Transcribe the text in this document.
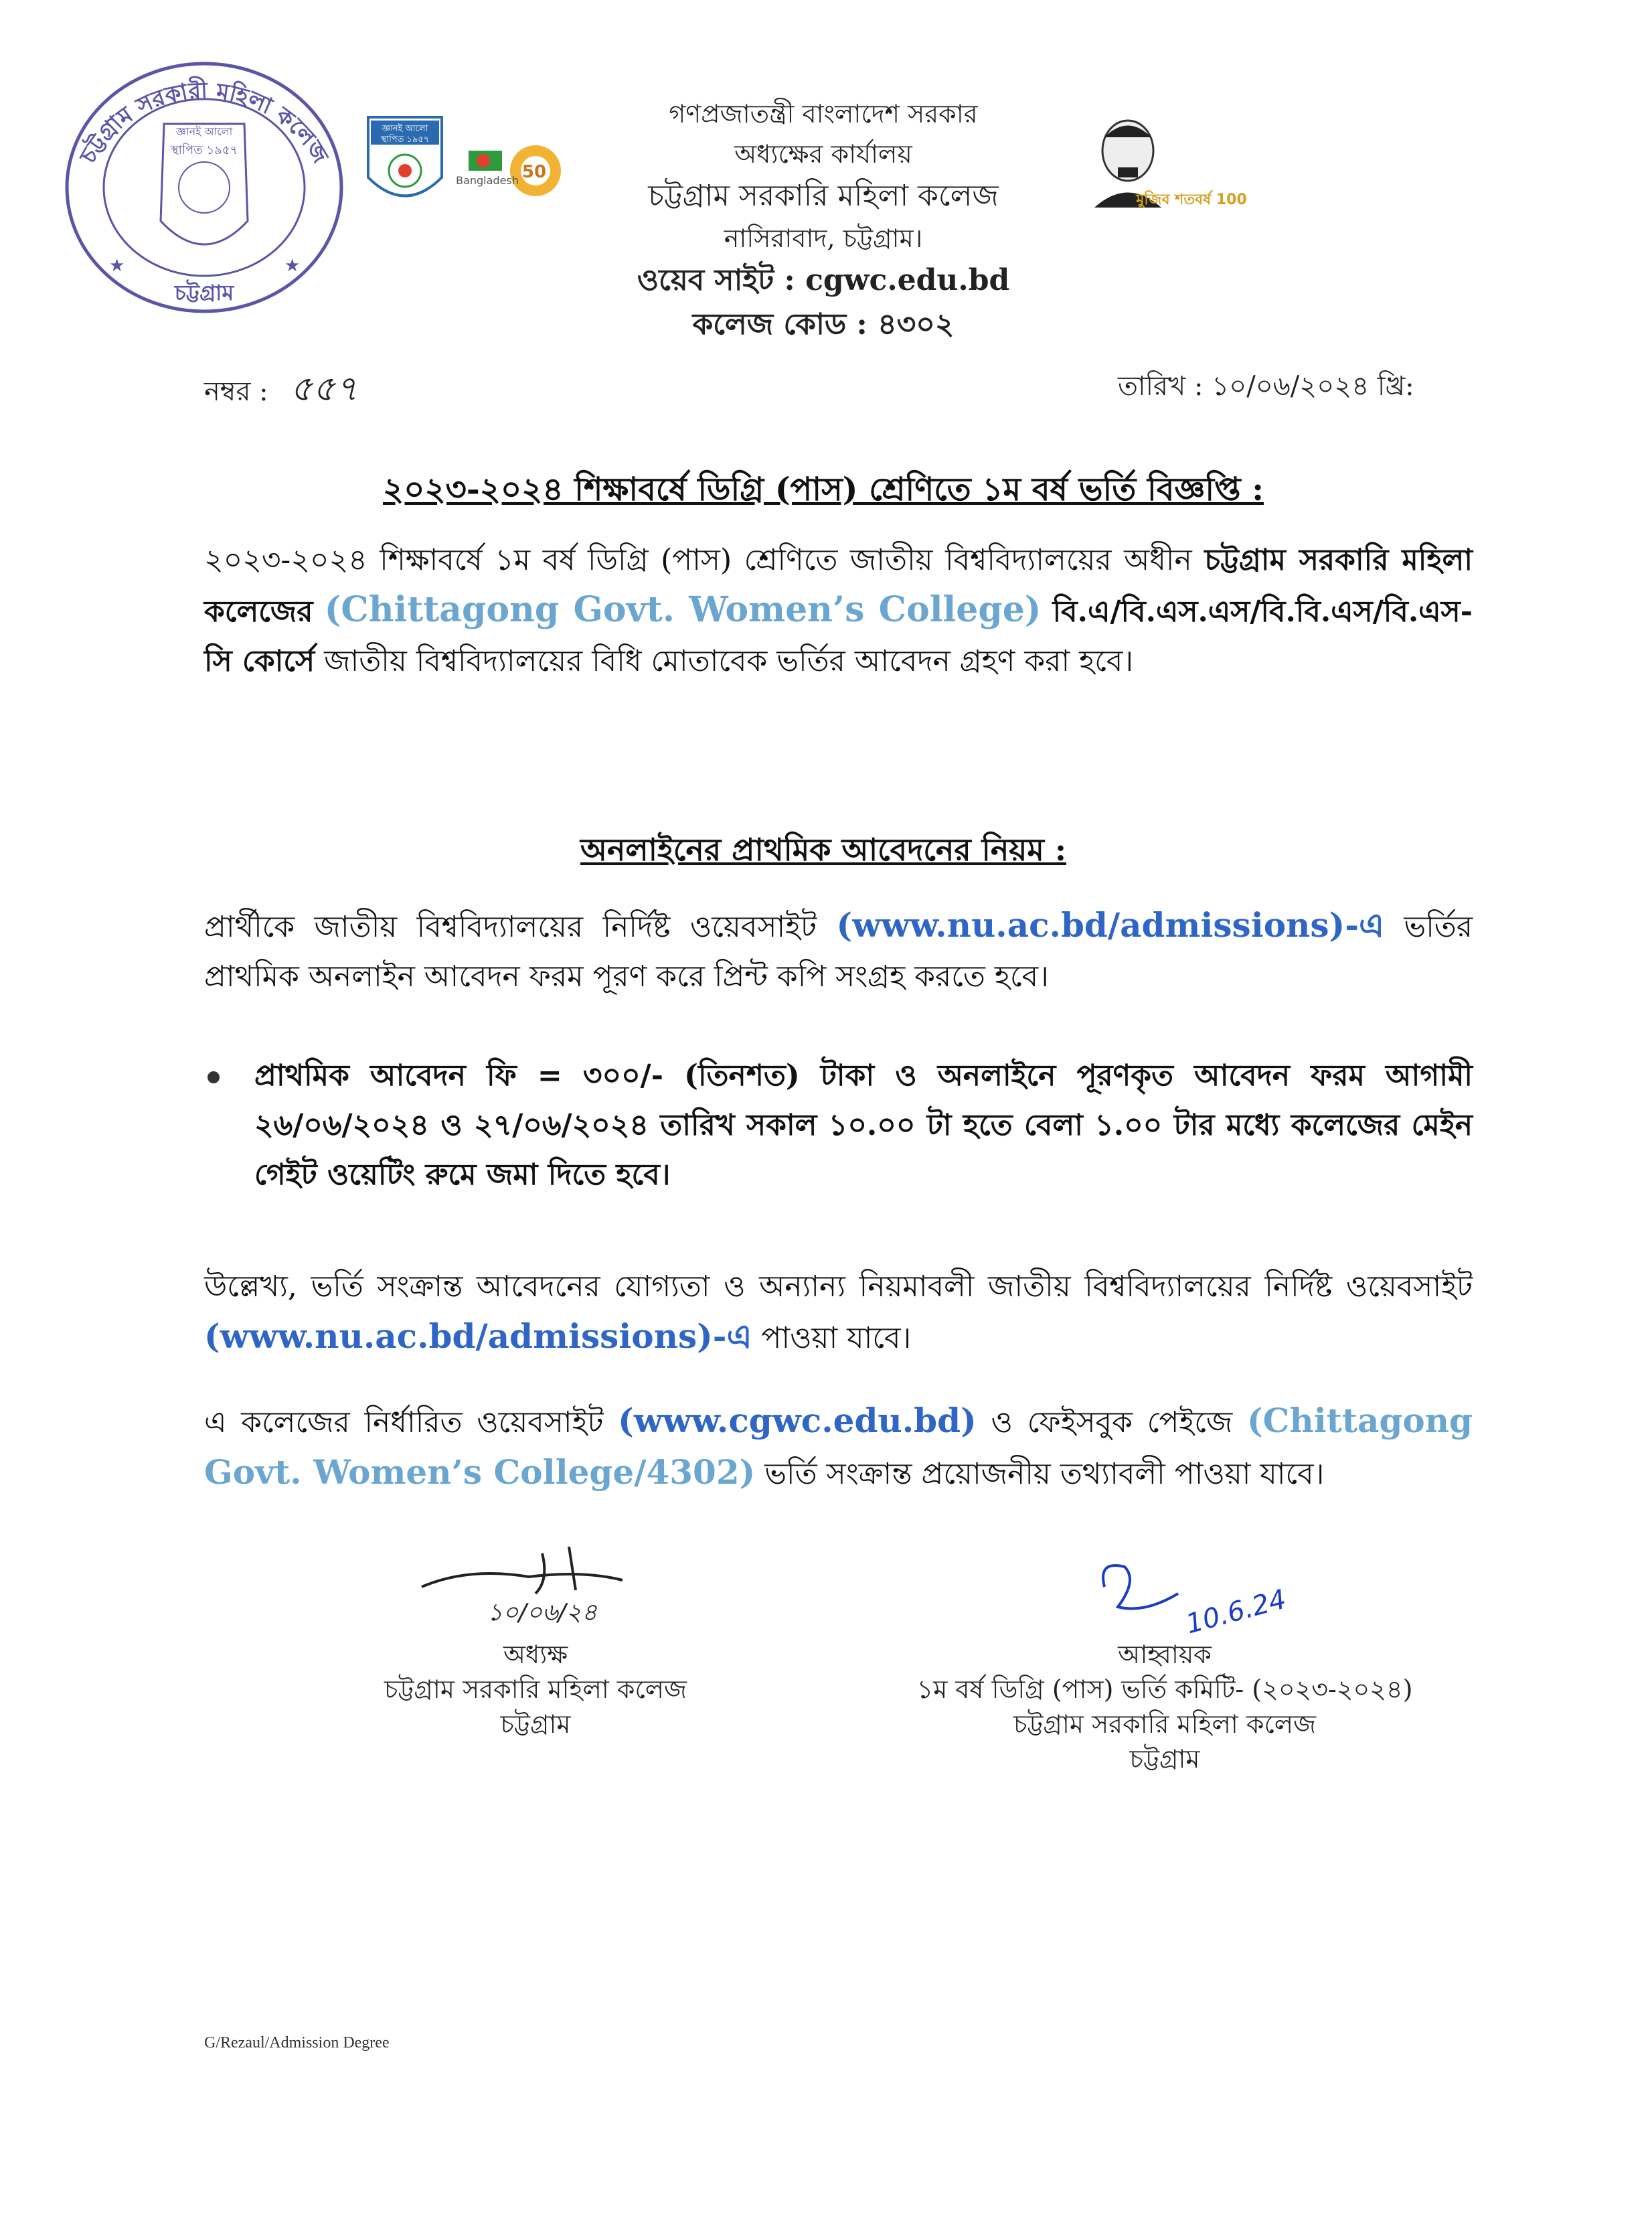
স্থাপিত ১৯৫৭
জ্ঞানই আলো
চট্টগ্রাম সরকারী মহিলা কলেজ
চট্টগ্রাম
★	★
জ্ঞানই আলো
স্থাপিত ১৯৫৭
50
Bangladesh
মুজিব শতবর্ষ 100
গণপ্রজাতন্ত্রী বাংলাদেশ সরকার
অধ্যক্ষের কার্যালয়
চট্টগ্রাম সরকারি মহিলা কলেজ
নাসিরাবাদ, চট্টগ্রাম।
ওয়েব সাইট : cgwc.edu.bd
কলেজ কোড : ৪৩০২
নম্বর : ৫৫৭	তারিখ : ১০/০৬/২০২৪ খ্রি:
২০২৩-২০২৪ শিক্ষাবর্ষে ডিগ্রি (পাস) শ্রেণিতে ১ম বর্ষ ভর্তি বিজ্ঞপ্তি :
২০২৩-২০২৪ শিক্ষাবর্ষে ১ম বর্ষ ডিগ্রি (পাস) শ্রেণিতে জাতীয় বিশ্ববিদ্যালয়ের অধীন চট্টগ্রাম সরকারি মহিলা কলেজের (Chittagong Govt. Women’s College) বি.এ/বি.এস.এস/বি.বি.এস/বি.এস-সি কোর্সে জাতীয় বিশ্ববিদ্যালয়ের বিধি মোতাবেক ভর্তির আবেদন গ্রহণ করা হবে।
অনলাইনের প্রাথমিক আবেদনের নিয়ম :
প্রার্থীকে জাতীয় বিশ্ববিদ্যালয়ের নির্দিষ্ট ওয়েবসাইট (www.nu.ac.bd/admissions)-এ ভর্তির প্রাথমিক অনলাইন আবেদন ফরম পূরণ করে প্রিন্ট কপি সংগ্রহ করতে হবে।
প্রাথমিক আবেদন ফি = ৩০০/- (তিনশত) টাকা ও অনলাইনে পূরণকৃত আবেদন ফরম আগামী ২৬/০৬/২০২৪ ও ২৭/০৬/২০২৪ তারিখ সকাল ১০.০০ টা হতে বেলা ১.০০ টার মধ্যে কলেজের মেইন গেইট ওয়েটিং রুমে জমা দিতে হবে।
উল্লেখ্য, ভর্তি সংক্রান্ত আবেদনের যোগ্যতা ও অন্যান্য নিয়মাবলী জাতীয় বিশ্ববিদ্যালয়ের নির্দিষ্ট ওয়েবসাইট (www.nu.ac.bd/admissions)-এ পাওয়া যাবে।
এ কলেজের নির্ধারিত ওয়েবসাইট (www.cgwc.edu.bd) ও ফেইসবুক পেইজে (Chittagong Govt. Women’s College/4302) ভর্তি সংক্রান্ত প্রয়োজনীয় তথ্যাবলী পাওয়া যাবে।
১০/০৬/২৪
অধ্যক্ষ
চট্টগ্রাম সরকারি মহিলা কলেজ
চট্টগ্রাম
10.6.24
আহ্বায়ক
১ম বর্ষ ডিগ্রি (পাস) ভর্তি কমিটি- (২০২৩-২০২৪)
চট্টগ্রাম সরকারি মহিলা কলেজ
চট্টগ্রাম
G/Rezaul/Admission Degree
